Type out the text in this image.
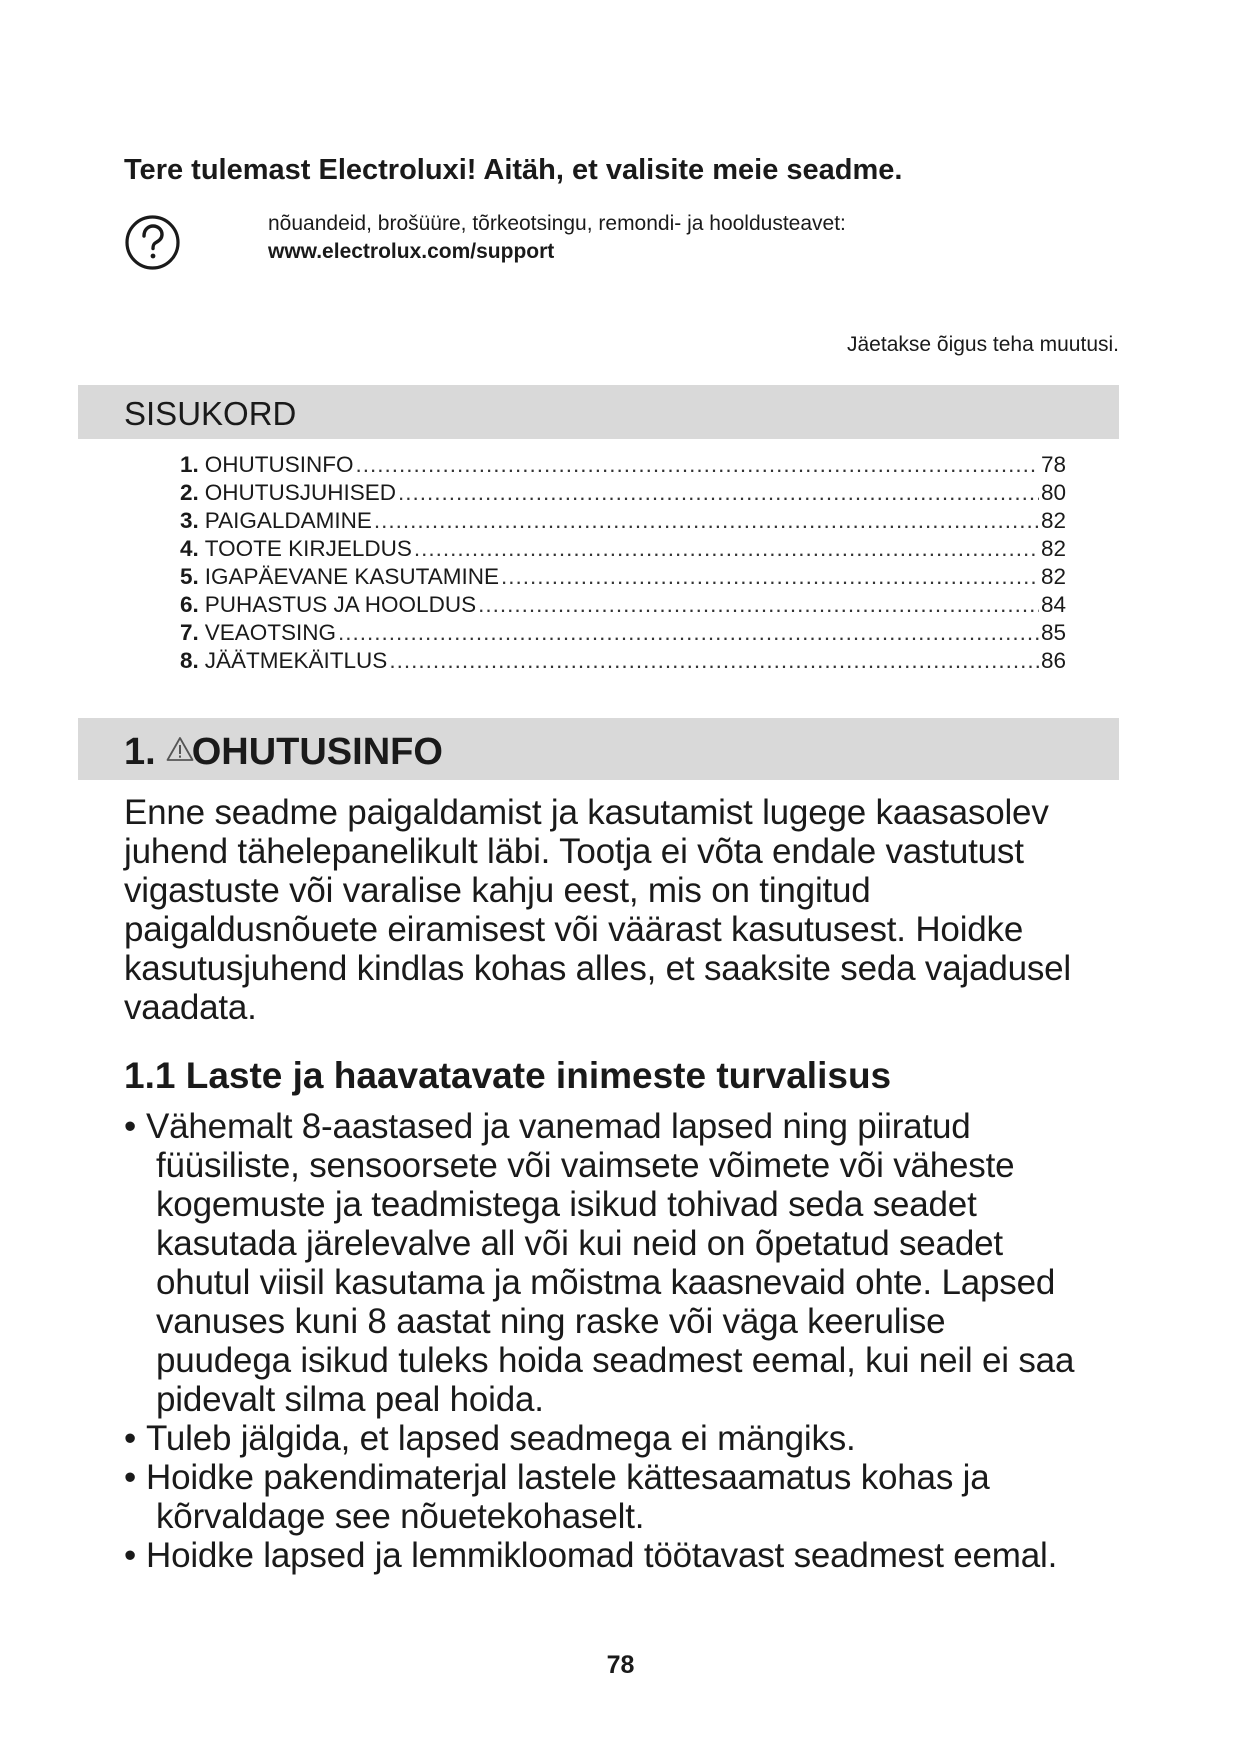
Tere tulemast Electroluxi! Aitäh, et valisite meie seadme.
nõuandeid, brošüüre, tõrkeotsingu, remondi- ja hooldusteavet:
www.electrolux.com/support
Jäetakse õigus teha muutusi.
SISUKORD
1. OHUTUSINFO .....	78
2. OHUTUSJUHISED .....	80
3. PAIGALDAMINE .....	82
4. TOOTE KIRJELDUS .....	82
5. IGAPÄEVANE KASUTAMINE .....	82
6. PUHASTUS JA HOOLDUS .....	84
7. VEAOTSING .....	85
8. JÄÄTMEKÄITLUS .....	86
1. OHUTUSINFO

Enne seadme paigaldamist ja kasutamist lugege kaasasolev
juhend tähelepanelikult läbi. Tootja ei võta endale vastutust
vigastuste või varalise kahju eest, mis on tingitud
paigaldusnõuete eiramisest või väärast kasutusest. Hoidke
kasutusjuhend kindlas kohas alles, et saaksite seda vajadusel
vaadata.

1.1 Laste ja haavatavate inimeste turvalisus
• Vähemalt 8-aastased ja vanemad lapsed ning piiratud
füüsiliste, sensoorsete või vaimsete võimete või väheste
kogemuste ja teadmistega isikud tohivad seda seadet
kasutada järelevalve all või kui neid on õpetatud seadet
ohutul viisil kasutama ja mõistma kaasnevaid ohte. Lapsed
vanuses kuni 8 aastat ning raske või väga keerulise
puudega isikud tuleks hoida seadmest eemal, kui neil ei saa
pidevalt silma peal hoida.
• Tuleb jälgida, et lapsed seadmega ei mängiks.
• Hoidke pakendimaterjal lastele kättesaamatus kohas ja
kõrvaldage see nõuetekohaselt.
• Hoidke lapsed ja lemmikloomad töötavast seadmest eemal.
78
